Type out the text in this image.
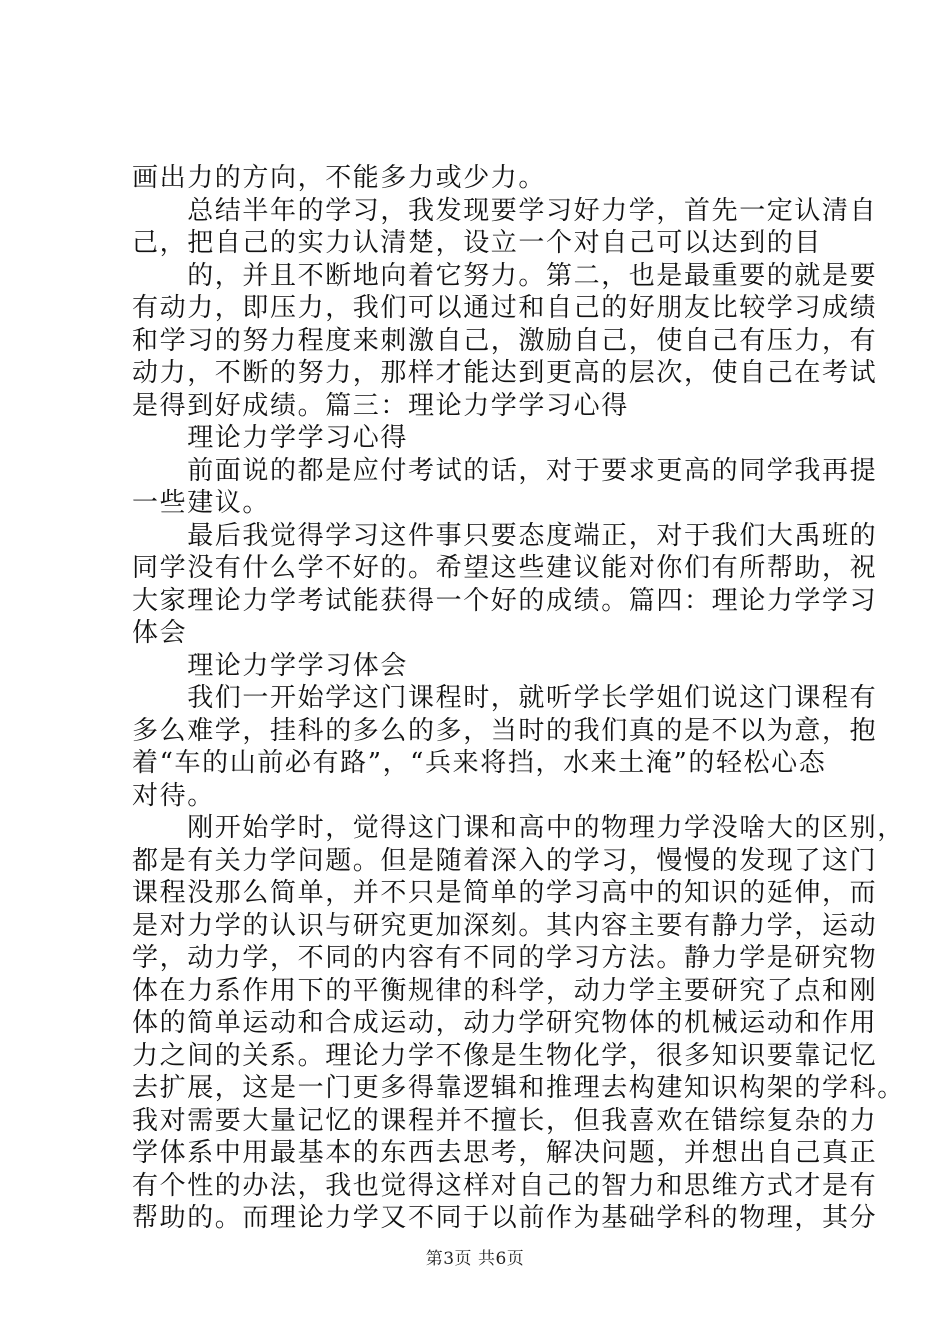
画出力的方向，不能多力或少力。
　　总结半年的学习，我发现要学习好力学，首先一定认清自
己，把自己的实力认清楚，设立一个对自己可以达到的目
　　的，并且不断地向着它努力。第二，也是最重要的就是要
有动力，即压力，我们可以通过和自己的好朋友比较学习成绩
和学习的努力程度来刺激自己，激励自己，使自己有压力，有
动力，不断的努力，那样才能达到更高的层次，使自己在考试
是得到好成绩。篇三：理论力学学习心得
　　理论力学学习心得
　　前面说的都是应付考试的话，对于要求更高的同学我再提
一些建议。
　　最后我觉得学习这件事只要态度端正，对于我们大禹班的
同学没有什么学不好的。希望这些建议能对你们有所帮助，祝
大家理论力学考试能获得一个好的成绩。篇四：理论力学学习
体会
　　理论力学学习体会
　　我们一开始学这门课程时，就听学长学姐们说这门课程有
多么难学，挂科的多么的多，当时的我们真的是不以为意，抱
着“车的山前必有路”，“兵来将挡，水来土淹”的轻松心态
对待。
　　刚开始学时，觉得这门课和高中的物理力学没啥大的区别，
都是有关力学问题。但是随着深入的学习，慢慢的发现了这门
课程没那么简单，并不只是简单的学习高中的知识的延伸，而
是对力学的认识与研究更加深刻。其内容主要有静力学，运动
学，动力学，不同的内容有不同的学习方法。静力学是研究物
体在力系作用下的平衡规律的科学，动力学主要研究了点和刚
体的简单运动和合成运动，动力学研究物体的机械运动和作用
力之间的关系。理论力学不像是生物化学，很多知识要靠记忆
去扩展，这是一门更多得靠逻辑和推理去构建知识构架的学科。
我对需要大量记忆的课程并不擅长，但我喜欢在错综复杂的力
学体系中用最基本的东西去思考，解决问题，并想出自己真正
有个性的办法，我也觉得这样对自己的智力和思维方式才是有
帮助的。而理论力学又不同于以前作为基础学科的物理，其分
第3页 共6页
